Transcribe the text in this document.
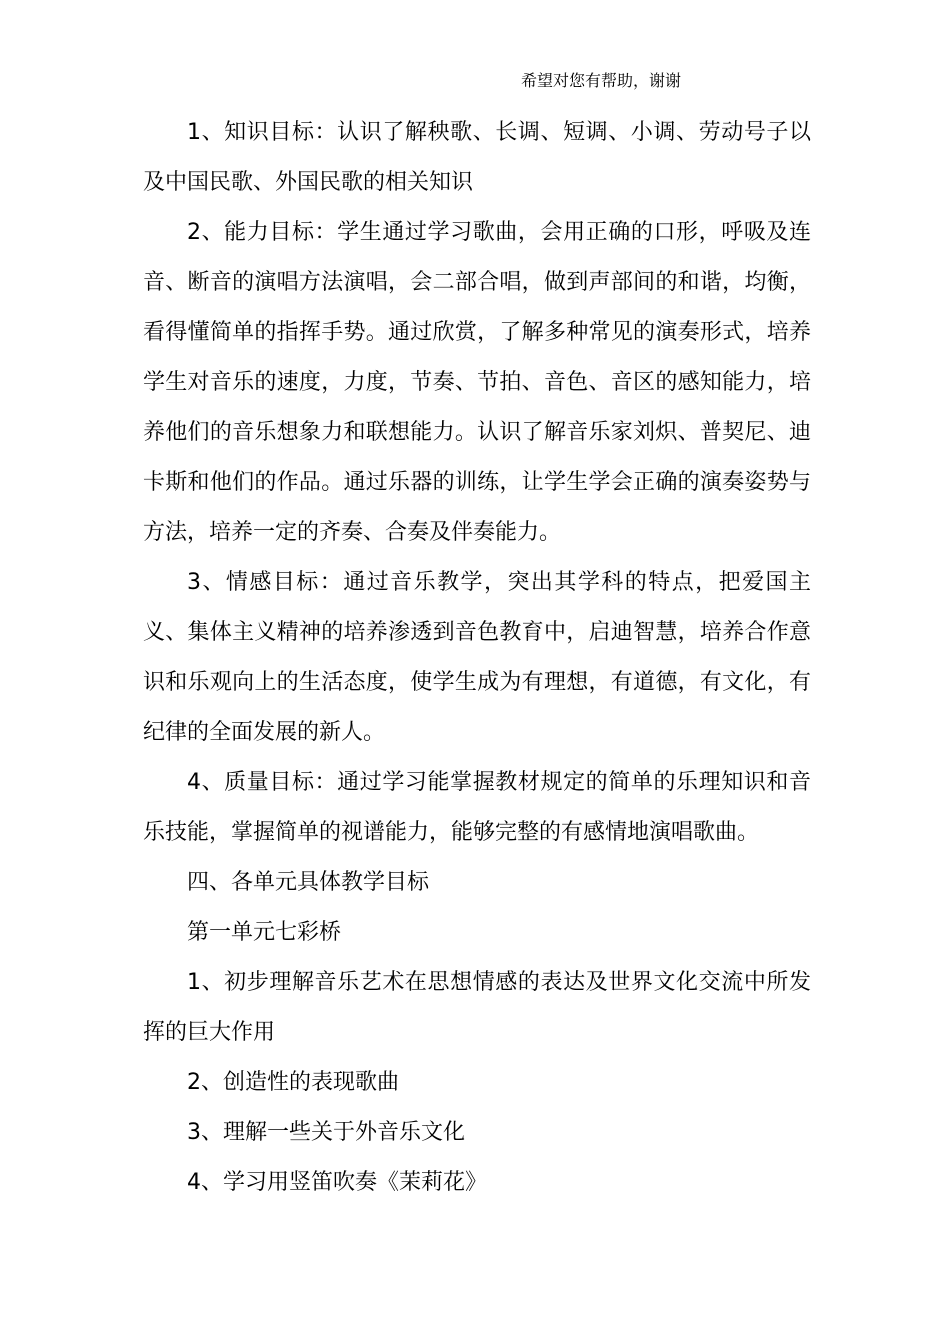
希望对您有帮助，谢谢

1、知识目标：认识了解秧歌、长调、短调、小调、劳动号子以及中国民歌、外国民歌的相关知识

2、能力目标：学生通过学习歌曲，会用正确的口形，呼吸及连音、断音的演唱方法演唱，会二部合唱，做到声部间的和谐，均衡，看得懂简单的指挥手势。通过欣赏，了解多种常见的演奏形式，培养学生对音乐的速度，力度，节奏、节拍、音色、音区的感知能力，培养他们的音乐想象力和联想能力。认识了解音乐家刘炽、普契尼、迪卡斯和他们的作品。通过乐器的训练，让学生学会正确的演奏姿势与方法，培养一定的齐奏、合奏及伴奏能力。

3、情感目标：通过音乐教学，突出其学科的特点，把爱国主义、集体主义精神的培养渗透到音色教育中，启迪智慧，培养合作意识和乐观向上的生活态度，使学生成为有理想，有道德，有文化，有纪律的全面发展的新人。

4、质量目标：通过学习能掌握教材规定的简单的乐理知识和音乐技能，掌握简单的视谱能力，能够完整的有感情地演唱歌曲。

四、各单元具体教学目标

第一单元七彩桥

1、初步理解音乐艺术在思想情感的表达及世界文化交流中所发挥的巨大作用

2、创造性的表现歌曲

3、理解一些关于外音乐文化

4、学习用竖笛吹奏《茉莉花》
